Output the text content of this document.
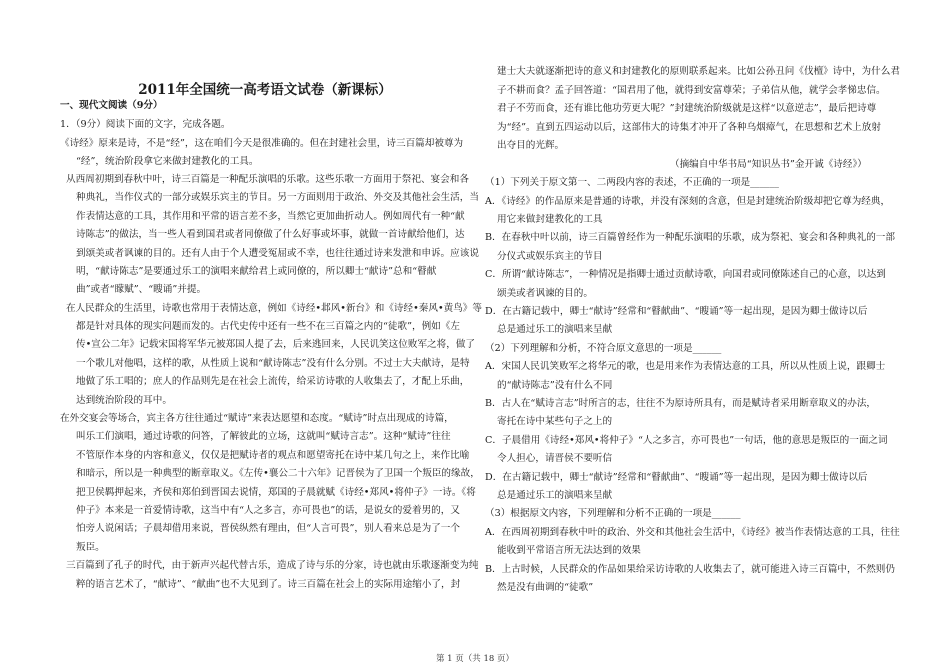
2011年全国统一高考语文试卷（新课标）
一、现代文阅读（9分）
1．（9分）阅读下面的文字，完成各题。
《诗经》原来是诗，不是“经”，这在咱们今天是很准确的。但在封建社会里，诗三百篇却被尊为
“经”，统治阶段拿它来做封建教化的工具。
从西周初期到春秋中叶，诗三百篇是一种配乐演唱的乐歌。这些乐歌一方面用于祭祀、宴会和各
种典礼，当作仪式的一部分或娱乐宾主的节目。另一方面则用于政治、外交及其他社会生活，当
作表情达意的工具，其作用和平常的语言差不多，当然它更加曲折动人。例如周代有一种“献
诗陈志”的做法，当一些人看到国君或者同僚做了什么好事或坏事，就做一首诗献给他们，达
到颂美或者讽谏的目的。还有人由于个人遭受冤屈或不幸，也往往通过诗来发泄和申诉。应该说
明，“献诗陈志”是要通过乐工的演唱来献给君上或同僚的，所以卿士“献诗”总和“瞽献
曲”或者“矇赋”、“瞍诵”并提。
在人民群众的生活里，诗歌也常用于表情达意，例如《诗经•邶风•新台》和《诗经•秦风•黄鸟》等
都是针对具体的现实问题而发的。古代史传中还有一些不在三百篇之内的“徒歌”，例如《左
传•宣公二年》记载宋国将军华元被郑国人提了去，后来逃回来，人民讥笑这位败军之将，做了
一个歌儿对他唱，这样的歌，从性质上说和“献诗陈志”没有什么分别。不过士大夫献诗，是特
地做了乐工唱的；庶人的作品则先是在社会上流传，给采访诗歌的人收集去了，才配上乐曲，
达到统治阶段的耳中。
在外交宴会等场合，宾主各方往往通过“赋诗”来表达愿望和态度。“赋诗”时点出现成的诗篇，
叫乐工们演唱，通过诗歌的问答，了解彼此的立场，这就叫“赋诗言志”。这种“赋诗”往往
不管原作本身的内容和意义，仅仅是把赋诗者的观点和愿望寄托在诗中某几句之上，来作比喻
和暗示，所以是一种典型的断章取义。《左传•襄公二十六年》记晋侯为了卫国一个叛臣的缘故，
把卫侯羁押起来，齐侯和郑伯到晋国去说情，郑国的子晨就赋《诗经•郑风•将仲子》一诗。《将
仲子》本来是一首爱情诗歌，这当中有“人之多言，亦可畏也”的话，是说女的爱着男的，又
怕旁人说闲话；子晨却借用来说，晋侯纵然有理由，但“人言可畏”，别人看来总是为了一个
叛臣。
三百篇到了孔子的时代，由于新声兴起代替古乐，造成了诗与乐的分家，诗也就由乐歌逐渐变为纯
粹的语言艺术了，“献诗”、“献曲”也不大见到了。诗三百篇在社会上的实际用途缩小了，封
建士大夫就逐渐把诗的意义和封建教化的原则联系起来。比如公孙丑问《伐檀》诗中，为什么君
子不耕而食？孟子回答道：“国君用了他，就得到安富尊荣；子弟信从他，就学会孝悌忠信。
君子不劳而食，还有谁比他功劳更大呢？”封建统治阶级就是这样“以意逆志”，最后把诗尊
为“经”。直到五四运动以后，这部伟大的诗集才冲开了各种乌烟瘴气，在思想和艺术上放射
出夺目的光辉。
（摘编自中华书局“知识丛书”金开诚《诗经》）
（1）下列关于原文第一、二两段内容的表述，不正确的一项是______
A．《诗经》的作品原来是普通的诗歌，并没有深刻的含意，但是封建统治阶级却把它尊为经典，
用它来做封建教化的工具
B．在春秋中叶以前，诗三百篇曾经作为一种配乐演唱的乐歌，成为祭祀、宴会和各种典礼的一部
分仪式或娱乐宾主的节目
C．所谓“献诗陈志”，一种情况是指卿士通过贡献诗歌，向国君或同僚陈述自己的心意，以达到
颂美或者讽谏的目的。
D．在古籍记载中，卿士“献诗”经常和“瞽献曲”、“瞍诵”等一起出现，是因为卿士做诗以后
总是通过乐工的演唱来呈献
（2）下列理解和分析，不符合原文意思的一项是______
A．宋国人民讥笑败军之将华元的歌，也是用来作为表情达意的工具，所以从性质上说，跟卿士
的“献诗陈志”没有什么不同
B．古人在“赋诗言志”时所言的志，往往不为原诗所具有，而是赋诗者采用断章取义的办法，
寄托在诗中某些句子之上的
C．子晨借用《诗经•郑风•将仲子》“人之多言，亦可畏也”一句话，他的意思是叛臣的一面之词
令人担心，请晋侯不要听信
D．在古籍记载中，卿士“献诗”经常和“瞽献曲”、“瞍诵”等一起出现，是因为卿士做诗以后
总是通过乐工的演唱来呈献
（3）根据原文内容，下列理解和分析不正确的一项是______
A．在西周初期到春秋中叶的政治、外交和其他社会生活中，《诗经》被当作表情达意的工具，往往
能收到平常语言所无法达到的效果
B．上古时候，人民群众的作品如果给采访诗歌的人收集去了，就可能进入诗三百篇中，不然则仍
然是没有曲调的“徒歌”
第 1 页（共 18 页）
